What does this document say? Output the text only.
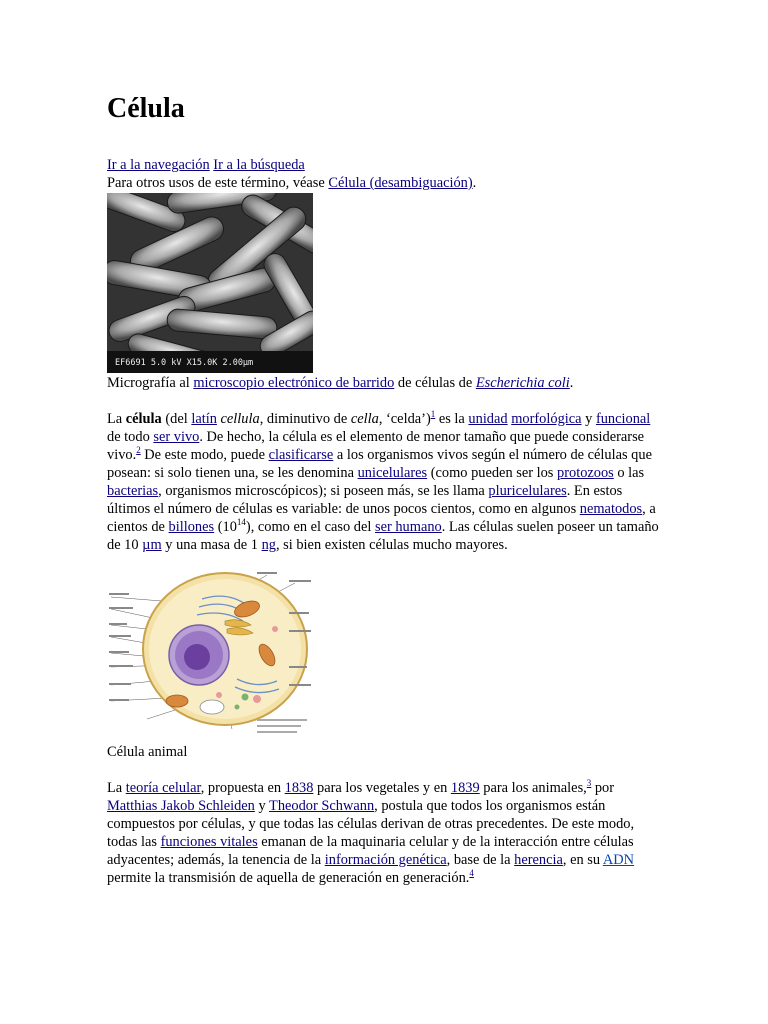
Célula

Ir a la navegación Ir a la búsqueda

Para otros usos de este término, véase Célula (desambiguación).

EF6691 5.0 kV X15.0K 2.00μm

Micrografía al microscopio electrónico de barrido de células de Escherichia coli.

La célula (del latín cellula, diminutivo de cella, ‘celda’)$^1$ es la unidad morfológica y funcional de todo ser vivo. De hecho, la célula es el elemento de menor tamaño que puede considerarse vivo.$^2$ De este modo, puede clasificarse a los organismos vivos según el número de células que posean: si solo tienen una, se les denomina unicelulares (como pueden ser los protozoos o las bacterias, organismos microscópicos); si poseen más, se les llama pluricelulares. En estos últimos el número de células es variable: de unos pocos cientos, como en algunos nematodos, a cientos de billones $(10^{14})$, como en el caso del ser humano. Las células suelen poseer un tamaño de 10 µm y una masa de 1 ng, si bien existen células mucho mayores.

Célula animal

La teoría celular, propuesta en 1838 para los vegetales y en 1839 para los animales,$^3$ por Matthias Jakob Schleiden y Theodor Schwann, postula que todos los organismos están compuestos por células, y que todas las células derivan de otras precedentes. De este modo, todas las funciones vitales emanan de la maquinaria celular y de la interacción entre células adyacentes; además, la tenencia de la información genética, base de la herencia, en su ADN permite la transmisión de aquella de generación en generación.$^4$
